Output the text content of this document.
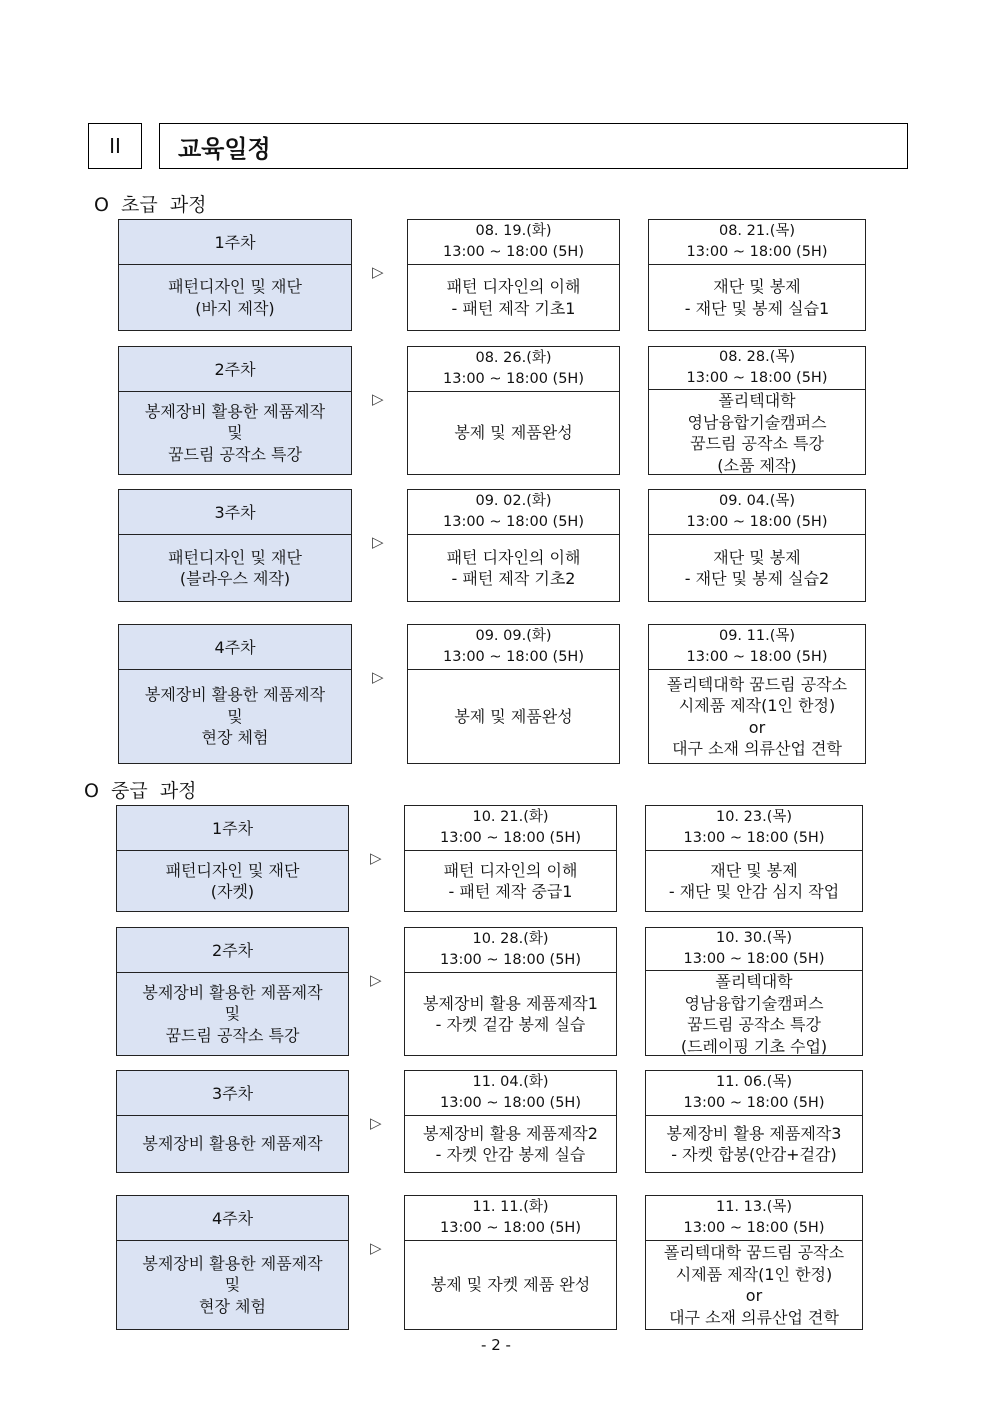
II	교육일정
O  초급  과정
O  중급  과정
1주차
패턴디자인 및 재단
(바지 제작)
▷
08. 19.(화)
13:00 ~ 18:00 (5H)
패턴 디자인의 이해
- 패턴 제작 기초1
08. 21.(목)
13:00 ~ 18:00 (5H)
재단 및 봉제
- 재단 및 봉제 실습1
2주차
봉제장비 활용한 제품제작
및
꿈드림 공작소 특강
▷
08. 26.(화)
13:00 ~ 18:00 (5H)
봉제 및 제품완성
08. 28.(목)
13:00 ~ 18:00 (5H)
폴리텍대학
영남융합기술캠퍼스
꿈드림 공작소 특강
(소품 제작)
3주차
패턴디자인 및 재단
(블라우스 제작)
▷
09. 02.(화)
13:00 ~ 18:00 (5H)
패턴 디자인의 이해
- 패턴 제작 기초2
09. 04.(목)
13:00 ~ 18:00 (5H)
재단 및 봉제
- 재단 및 봉제 실습2
4주차
봉제장비 활용한 제품제작
및
현장 체험
▷
09. 09.(화)
13:00 ~ 18:00 (5H)
봉제 및 제품완성
09. 11.(목)
13:00 ~ 18:00 (5H)
폴리텍대학 꿈드림 공작소
시제품 제작(1인 한정)
or
대구 소재 의류산업 견학
1주차
패턴디자인 및 재단
(자켓)
▷
10. 21.(화)
13:00 ~ 18:00 (5H)
패턴 디자인의 이해
- 패턴 제작 중급1
10. 23.(목)
13:00 ~ 18:00 (5H)
재단 및 봉제
- 재단 및 안감 심지 작업
2주차
봉제장비 활용한 제품제작
및
꿈드림 공작소 특강
▷
10. 28.(화)
13:00 ~ 18:00 (5H)
봉제장비 활용 제품제작1
- 자켓 겉감 봉제 실습
10. 30.(목)
13:00 ~ 18:00 (5H)
폴리텍대학
영남융합기술캠퍼스
꿈드림 공작소 특강
(드레이핑 기초 수업)
3주차
봉제장비 활용한 제품제작
▷
11. 04.(화)
13:00 ~ 18:00 (5H)
봉제장비 활용 제품제작2
- 자켓 안감 봉제 실습
11. 06.(목)
13:00 ~ 18:00 (5H)
봉제장비 활용 제품제작3
- 자켓 합봉(안감+겉감)
4주차
봉제장비 활용한 제품제작
및
현장 체험
▷
11. 11.(화)
13:00 ~ 18:00 (5H)
봉제 및 자켓 제품 완성
11. 13.(목)
13:00 ~ 18:00 (5H)
폴리텍대학 꿈드림 공작소
시제품 제작(1인 한정)
or
대구 소재 의류산업 견학
- 2 -
